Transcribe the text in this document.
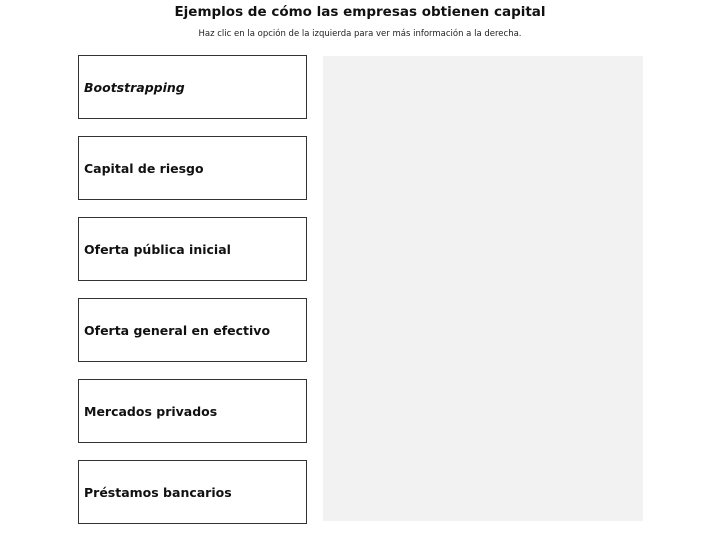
Ejemplos de cómo las empresas obtienen capital
Haz clic en la opción de la izquierda para ver más información a la derecha.
Bootstrapping
Capital de riesgo
Oferta pública inicial
Oferta general en efectivo
Mercados privados
Préstamos bancarios
